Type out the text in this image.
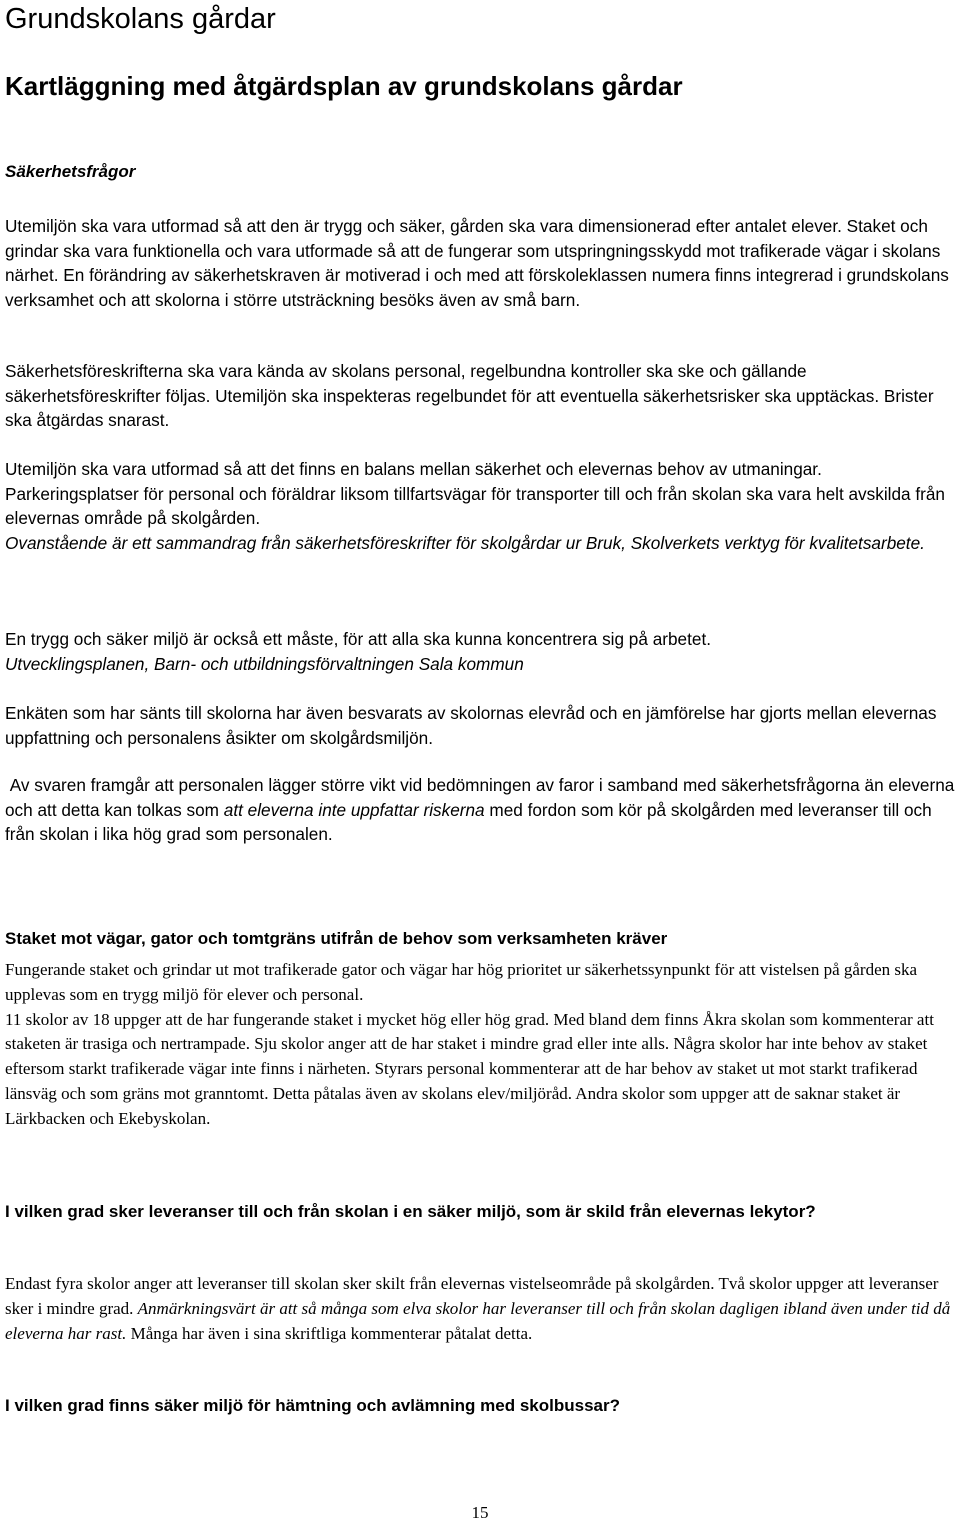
Grundskolans gårdar
Kartläggning med åtgärdsplan av grundskolans gårdar
Säkerhetsfrågor

Utemiljön ska vara utformad så att den är trygg och säker, gården ska vara dimensionerad efter antalet elever. Staket och grindar ska vara funktionella och vara utformade så att de fungerar som utspringningsskydd mot trafikerade vägar i skolans närhet. En förändring av säkerhetskraven är motiverad i och med att förskoleklassen numera finns integrerad i grundskolans verksamhet och att skolorna i större utsträckning besöks även av små barn.

Säkerhetsföreskrifterna ska vara kända av skolans personal, regelbundna kontroller ska ske och gällande säkerhetsföreskrifter följas. Utemiljön ska inspekteras regelbundet för att eventuella säkerhetsrisker ska upptäckas. Brister ska åtgärdas snarast.

Utemiljön ska vara utformad så att det finns en balans mellan säkerhet och elevernas behov av utmaningar.
Parkeringsplatser för personal och föräldrar liksom tillfartsvägar för transporter till och från skolan ska vara helt avskilda från elevernas område på skolgården.
Ovanstående är ett sammandrag från säkerhetsföreskrifter för skolgårdar ur Bruk, Skolverkets verktyg för kvalitetsarbete.
En trygg och säker miljö är också ett måste, för att alla ska kunna koncentrera sig på arbetet.
Utvecklingsplanen, Barn- och utbildningsförvaltningen Sala kommun

Enkäten som har sänts till skolorna har även besvarats av skolornas elevråd och en jämförelse har gjorts mellan elevernas uppfattning och personalens åsikter om skolgårdsmiljön.

Av svaren framgår att personalen lägger större vikt vid bedömningen av faror i samband med säkerhetsfrågorna än eleverna och att detta kan tolkas som att eleverna inte uppfattar riskerna med fordon som kör på skolgården med leveranser till och från skolan i lika hög grad som personalen.

Staket mot vägar, gator och tomtgräns utifrån de behov som verksamheten kräver
Fungerande staket och grindar ut mot trafikerade gator och vägar har hög prioritet ur säkerhetssynpunkt för att vistelsen på gården ska upplevas som en trygg miljö för elever och personal.
11 skolor av 18 uppger att de har fungerande staket i mycket hög eller hög grad. Med bland dem finns Åkra skolan som kommenterar att staketen är trasiga och nertrampade. Sju skolor anger att de har staket i mindre grad eller inte alls. Några skolor har inte behov av staket eftersom starkt trafikerade vägar inte finns i närheten. Styrars personal kommenterar att de har behov av staket ut mot starkt trafikerad länsväg och som gräns mot granntomt. Detta påtalas även av skolans elev/miljöråd. Andra skolor som uppger att de saknar staket är Lärkbacken och Ekebyskolan.
I vilken grad sker leveranser till och från skolan i en säker miljö, som är skild från elevernas lekytor?

Endast fyra skolor anger att leveranser till skolan sker skilt från elevernas vistelseområde på skolgården. Två skolor uppger att leveranser sker i mindre grad. Anmärkningsvärt är att så många som elva skolor har leveranser till och från skolan dagligen ibland även under tid då eleverna har rast. Många har även i sina skriftliga kommenterar påtalat detta.

I vilken grad finns säker miljö för hämtning och avlämning med skolbussar?
15
